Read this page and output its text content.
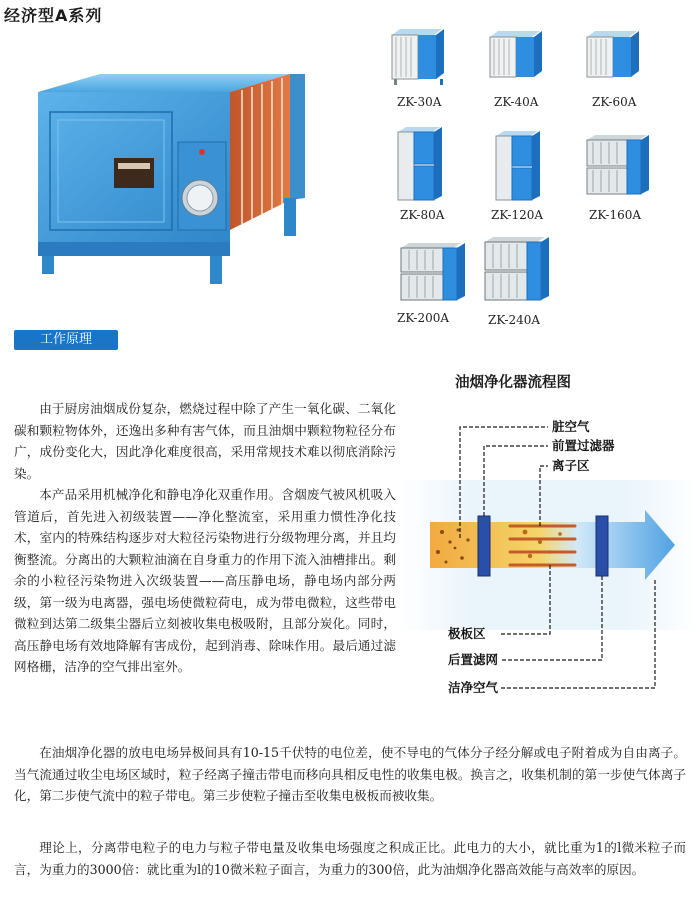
经济型A系列
ZK-30A	ZK-40A	ZK-60A
ZK-80A	ZK-120A	ZK-160A
ZK-200A	ZK-240A
工作原理
油烟净化器流程图

由于厨房油烟成份复杂，燃烧过程中除了产生一氧化碳、二氧化碳和颗粒物体外，还逸出多种有害气体，而且油烟中颗粒物粒径分布广，成份变化大，因此净化难度很高，采用常规技术难以彻底消除污染。

本产品采用机械净化和静电净化双重作用。含烟废气被风机吸入管道后，首先进入初级装置——净化整流室，采用重力惯性净化技术，室内的特殊结构逐步对大粒径污染物进行分级物理分离，并且均衡整流。分离出的大颗粒油滴在自身重力的作用下流入油槽排出。剩余的小粒径污染物进入次级装置——高压静电场，静电场内部分两级，第一级为电离器，强电场使微粒荷电，成为带电微粒，这些带电微粒到达第二级集尘器后立刻被收集电极吸附，且部分炭化。同时，高压静电场有效地降解有害成份，起到消毒、除味作用。最后通过滤网格栅，洁净的空气排出室外。

在油烟净化器的放电电场异极间具有10-15千伏特的电位差，使不导电的气体分子经分解或电子附着成为自由离子。当气流通过收尘电场区域时，粒子经离子撞击带电而移向具相反电性的收集电极。换言之，收集机制的第一步使气体离子化，第二步使气流中的粒子带电。第三步使粒子撞击至收集电极板而被收集。

理论上，分离带电粒子的电力与粒子带电量及收集电场强度之积成正比。此电力的大小，就比重为1的l微米粒子而言，为重力的3000倍：就比重为l的10微米粒子面言，为重力的300倍，此为油烟净化器高效能与高效率的原因。

脏空气
前置过滤器
离子区
极板区
后置滤网
洁净空气
